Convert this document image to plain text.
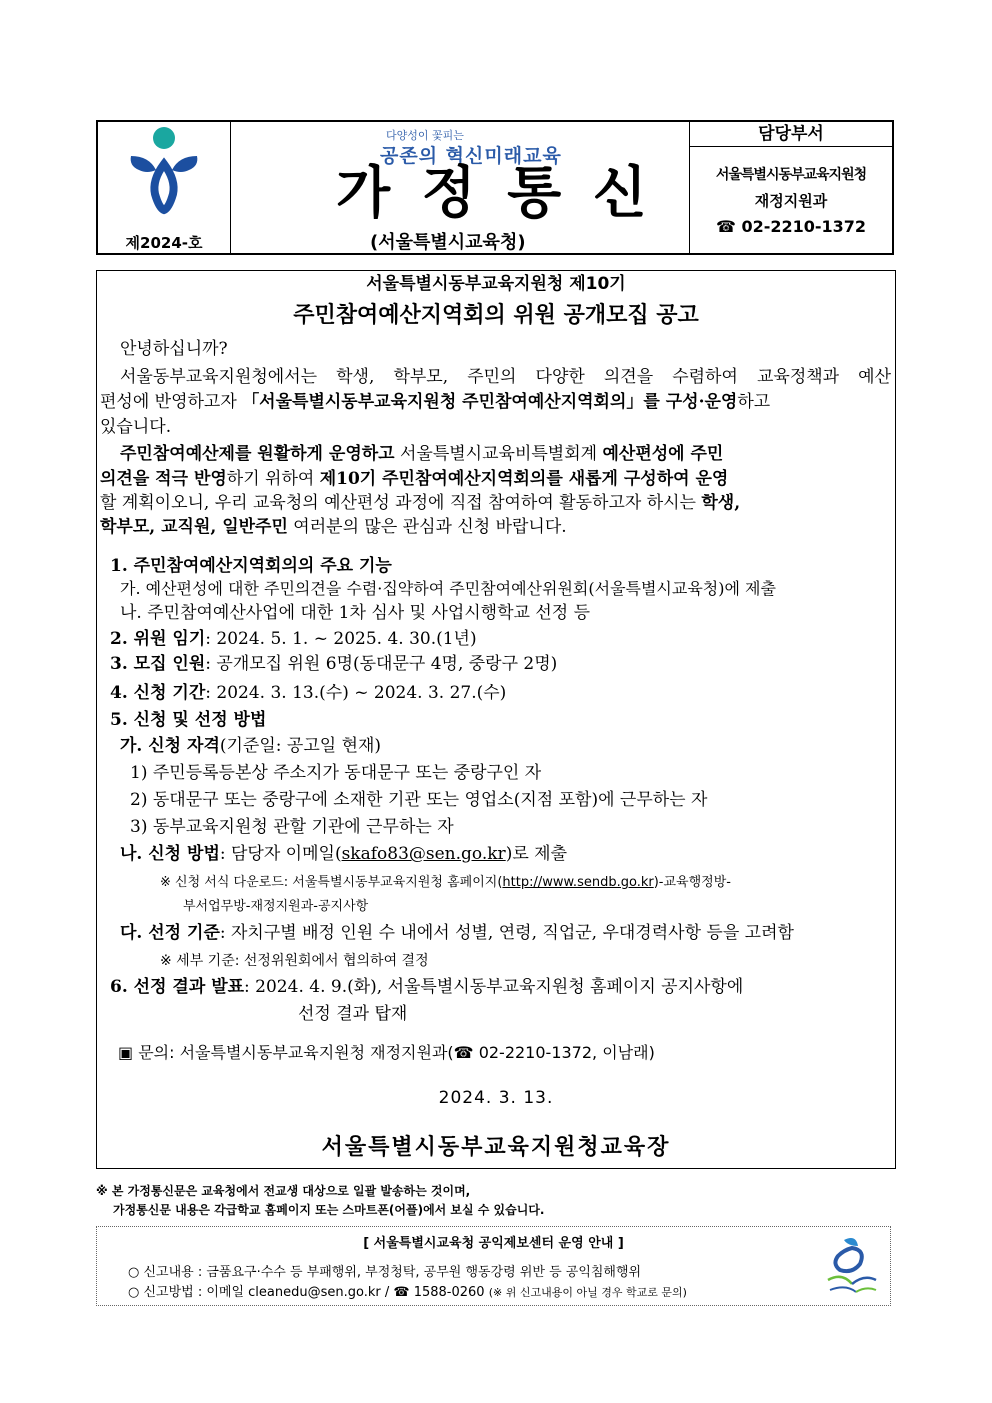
제2024-호
다양성이 꽃피는
공존의 혁신미래교육
가 정 통 신
(서울특별시교육청)
담당부서
서울특별시동부교육지원청
재정지원과
☎ 02-2210-1372
서울특별시동부교육지원청 제10기
주민참여예산지역회의 위원 공개모집 공고
안녕하십니까?
서울동부교육지원청에서는 학생, 학부모, 주민의 다양한 의견을 수렴하여 교육정책과 예산
편성에 반영하고자 「서울특별시동부교육지원청 주민참여예산지역회의」를 구성·운영하고
있습니다.
주민참여예산제를 원활하게 운영하고 서울특별시교육비특별회계 예산편성에 주민
의견을 적극 반영하기 위하여 제10기 주민참여예산지역회의를 새롭게 구성하여 운영
할 계획이오니, 우리 교육청의 예산편성 과정에 직접 참여하여 활동하고자 하시는 학생,
학부모, 교직원, 일반주민 여러분의 많은 관심과 신청 바랍니다.
1. 주민참여예산지역회의의 주요 기능
가. 예산편성에 대한 주민의견을 수렴·집약하여 주민참여예산위원회(서울특별시교육청)에 제출
나. 주민참여예산사업에 대한 1차 심사 및 사업시행학교 선정 등
2. 위원 임기: 2024. 5. 1. ~ 2025. 4. 30.(1년)
3. 모집 인원: 공개모집 위원 6명(동대문구 4명, 중랑구 2명)
4. 신청 기간: 2024. 3. 13.(수) ~ 2024. 3. 27.(수)
5. 신청 및 선정 방법
가. 신청 자격(기준일: 공고일 현재)
1) 주민등록등본상 주소지가 동대문구 또는 중랑구인 자
2) 동대문구 또는 중랑구에 소재한 기관 또는 영업소(지점 포함)에 근무하는 자
3) 동부교육지원청 관할 기관에 근무하는 자
나. 신청 방법: 담당자 이메일(skafo83@sen.go.kr)로 제출
※ 신청 서식 다운로드: 서울특별시동부교육지원청 홈페이지(http://www.sendb.go.kr)-교육행정방-
부서업무방-재정지원과-공지사항
다. 선정 기준: 자치구별 배정 인원 수 내에서 성별, 연령, 직업군, 우대경력사항 등을 고려함
※ 세부 기준: 선정위원회에서 협의하여 결정
6. 선정 결과 발표: 2024. 4. 9.(화), 서울특별시동부교육지원청 홈페이지 공지사항에
선정 결과 탑재
▣ 문의: 서울특별시동부교육지원청 재정지원과(☎ 02-2210-1372, 이남래)
2024. 3. 13.
서울특별시동부교육지원청교육장
※ 본 가정통신문은 교육청에서 전교생 대상으로 일괄 발송하는 것이며,
가정통신문 내용은 각급학교 홈페이지 또는 스마트폰(어플)에서 보실 수 있습니다.
[ 서울특별시교육청 공익제보센터 운영 안내 ]
○ 신고내용 : 금품요구·수수 등 부패행위, 부정청탁, 공무원 행동강령 위반 등 공익침해행위
○ 신고방법 : 이메일 cleanedu@sen.go.kr / ☎ 1588-0260 (※ 위 신고내용이 아닐 경우 학교로 문의)
